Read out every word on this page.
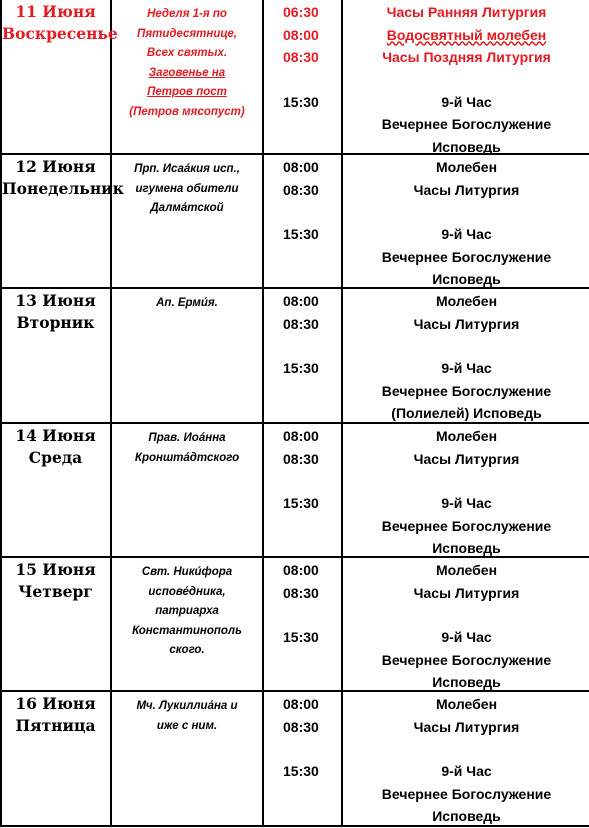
11 Июня
Воскресенье
Неделя 1-я по
Пятидесятнице,
Всех святых.
Заговенье на
Петров пост
(Петров мясопуст)
06:30
08:00
08:30
15:30
Часы Ранняя Литургия
Водосвятный молебен
Часы Поздняя Литургия
9-й Час
Вечернее Богослужение
Исповедь
12 Июня
Понедельник
Прп. Исаа́кия исп.,
игумена обители
Далма́тской
08:00
08:30
15:30
Молебен
Часы Литургия
9-й Час
Вечернее Богослужение
Исповедь
13 Июня
Вторник
Ап. Ерми́я.	08:00
08:30
15:30
Молебен
Часы Литургия
9-й Час
Вечернее Богослужение
(Полиелей) Исповедь
14 Июня
Среда
Прав. Иоа́нна
Кроншта́дтского
08:00
08:30
15:30
Молебен
Часы Литургия
9-й Час
Вечернее Богослужение
Исповедь
15 Июня
Четверг
Свт. Ники́фора
испове́дника,
патриарха
Константинополь
ского.
08:00
08:30
15:30
Молебен
Часы Литургия
9-й Час
Вечернее Богослужение
Исповедь
16 Июня
Пятница
Мч. Лукиллиа́на и
иже с ним.
08:00
08:30
15:30
Молебен
Часы Литургия
9-й Час
Вечернее Богослужение
Исповедь
